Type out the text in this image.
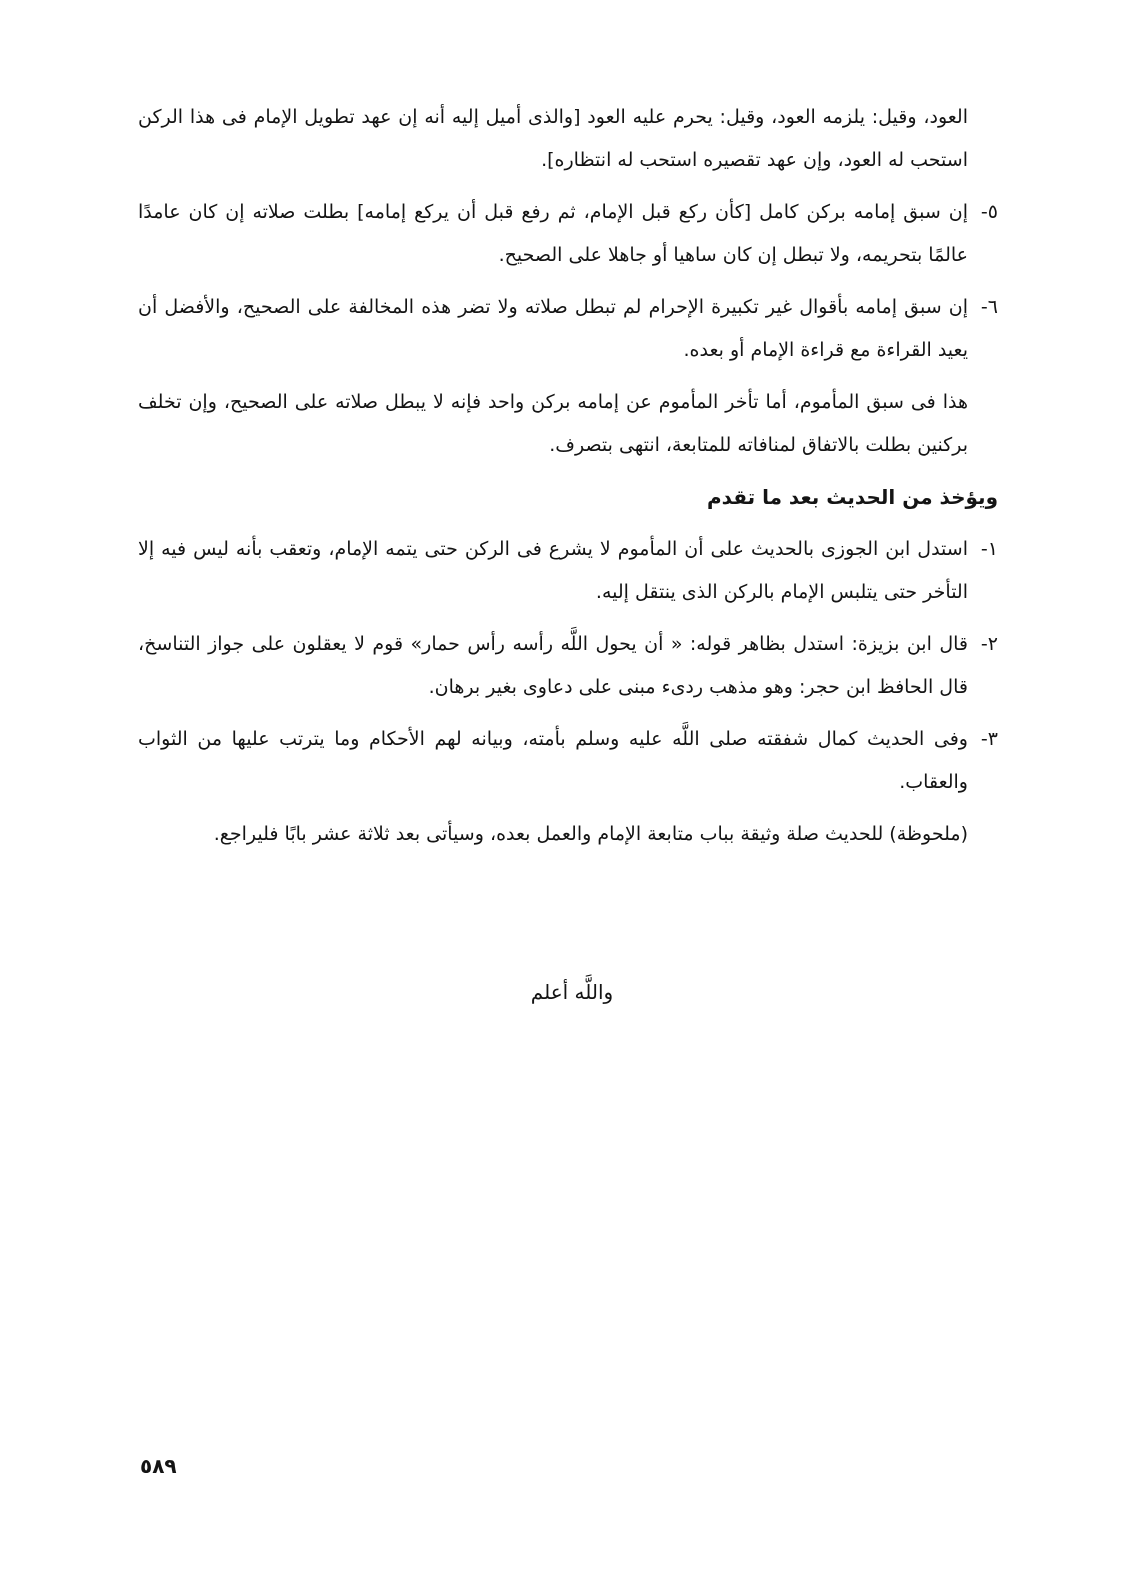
العود، وقيل: يلزمه العود، وقيل: يحرم عليه العود [والذى أميل إليه أنه إن عهد تطويل الإمام فى هذا الركن استحب له العود، وإن عهد تقصيره استحب له انتظاره].

٥-
إن سبق إمامه بركن كامل [كأن ركع قبل الإمام، ثم رفع قبل أن يركع إمامه] بطلت صلاته إن كان عامدًا عالمًا بتحريمه، ولا تبطل إن كان ساهيا أو جاهلا على الصحيح.
٦-
إن سبق إمامه بأقوال غير تكبيرة الإحرام لم تبطل صلاته ولا تضر هذه المخالفة على الصحيح، والأفضل أن يعيد القراءة مع قراءة الإمام أو بعده.

هذا فى سبق المأموم، أما تأخر المأموم عن إمامه بركن واحد فإنه لا يبطل صلاته على الصحيح، وإن تخلف بركنين بطلت بالاتفاق لمنافاته للمتابعة، انتهى بتصرف.

ويؤخذ من الحديث بعد ما تقدم

١-
استدل ابن الجوزى بالحديث على أن المأموم لا يشرع فى الركن حتى يتمه الإمام، وتعقب بأنه ليس فيه إلا التأخر حتى يتلبس الإمام بالركن الذى ينتقل إليه.
٢-
قال ابن بزيزة: استدل بظاهر قوله: « أن يحول اللَّه رأسه رأس حمار» قوم لا يعقلون على جواز التناسخ، قال الحافظ ابن حجر: وهو مذهب ردىء مبنى على دعاوى بغير برهان.
٣-
وفى الحديث كمال شفقته صلى اللَّه عليه وسلم بأمته، وبيانه لهم الأحكام وما يترتب عليها من الثواب والعقاب.

(ملحوظة) للحديث صلة وثيقة بباب متابعة الإمام والعمل بعده، وسيأتى بعد ثلاثة عشر بابًا فليراجع.

واللَّه أعلم
٥٨٩
